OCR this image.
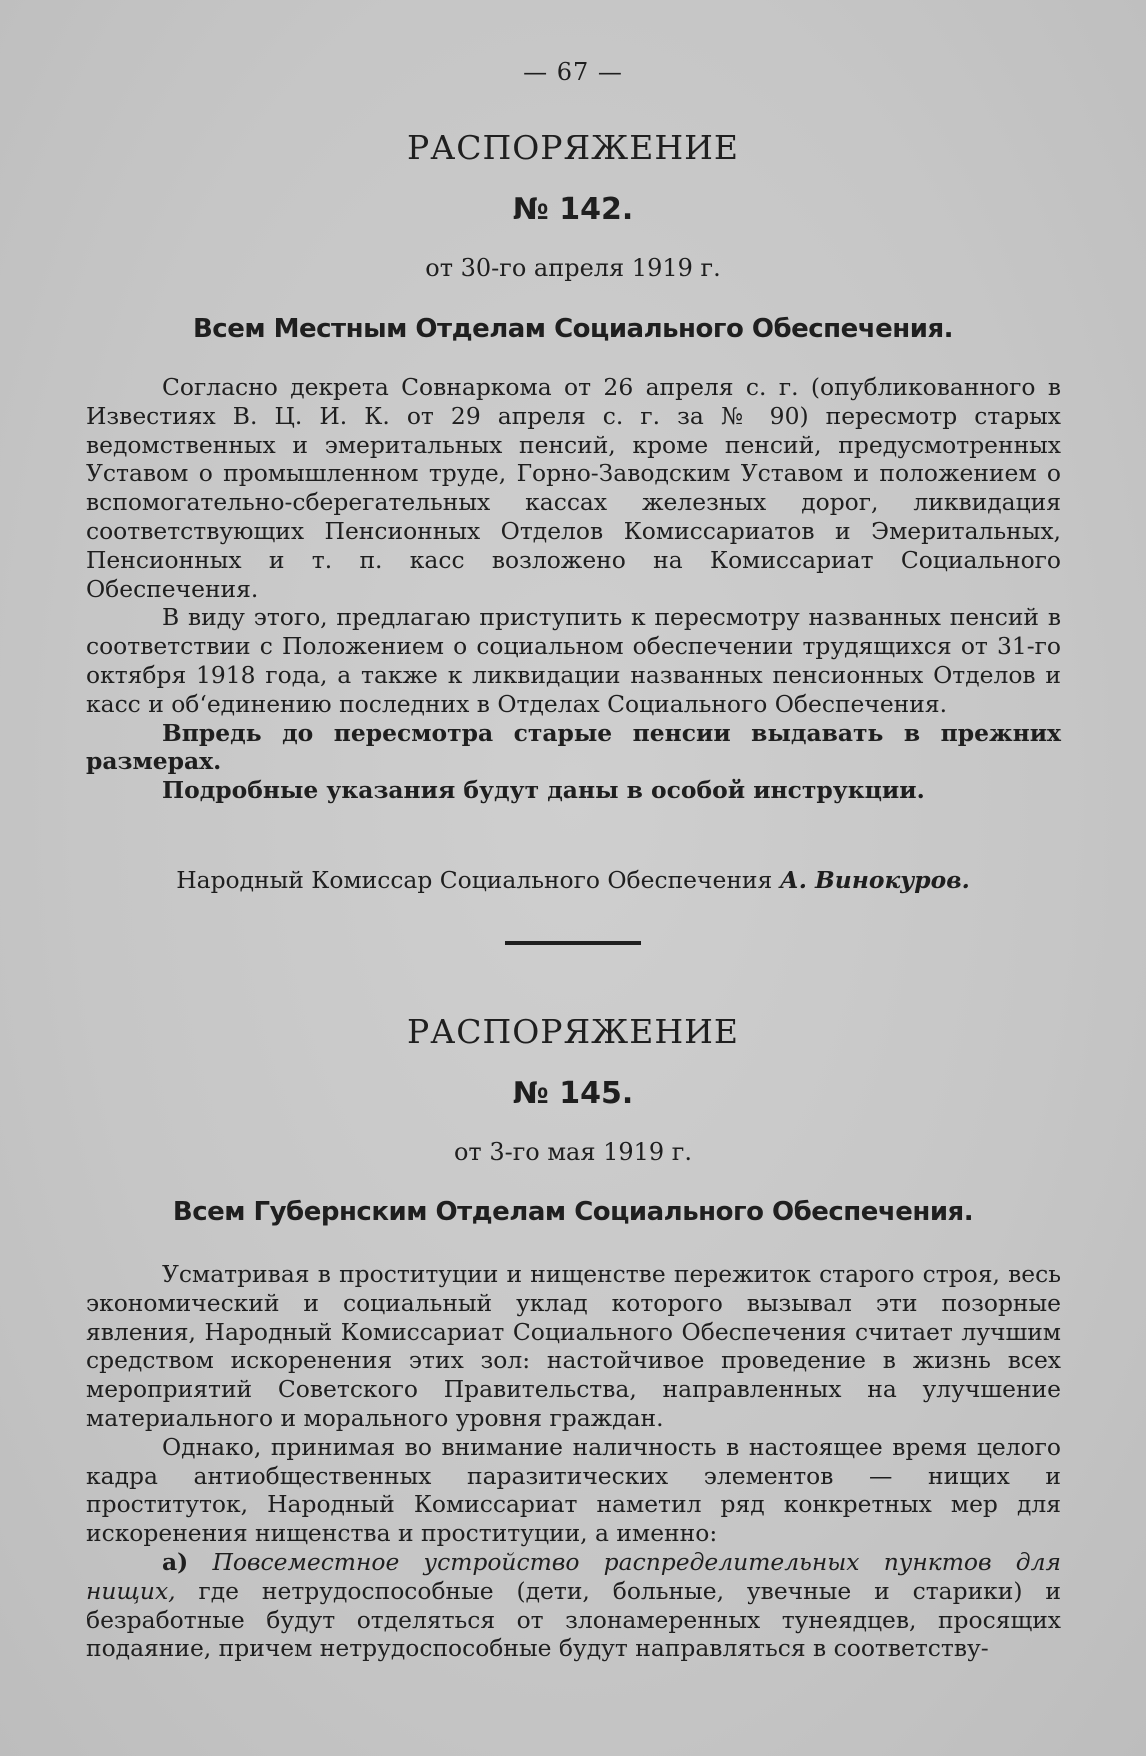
— 67 —
РАСПОРЯЖЕНИЕ
№ 142.
от 30-го апреля 1919 г.
Всем Местным Отделам Социального Обеспечения.

Согласно декрета Совнаркома от 26 апреля с. г. (опубликованного в Известиях В. Ц. И. К. от 29 апреля с. г. за № 90) пересмотр старых ведомственных и эмеритальных пенсий, кроме пенсий, предусмотренных Уставом о промышленном труде, Горно-Заводским Уставом и положением о вспомогательно-сберегательных кассах железных дорог, ликвидация соответствующих Пенсионных Отделов Комиссариатов и Эмеритальных, Пенсионных и т. п. касс возложено на Комиссариат Социального Обеспечения.

В виду этого, предлагаю приступить к пересмотру названных пенсий в соответствии с Положением о социальном обеспечении трудящихся от 31-го октября 1918 года, а также к ликвидации названных пенсионных Отделов и касс и об‘единению последних в Отделах Социального Обеспечения.

Впредь до пересмотра старые пенсии выдавать в прежних размерах.

Подробные указания будут даны в особой инструкции.

Народный Комиссар Социального Обеспечения А. Винокуров.
РАСПОРЯЖЕНИЕ
№ 145.
от 3-го мая 1919 г.
Всем Губернским Отделам Социального Обеспечения.

Усматривая в проституции и нищенстве пережиток старого строя, весь экономический и социальный уклад которого вызывал эти позорные явления, Народный Комиссариат Социального Обеспечения считает лучшим средством искоренения этих зол: настойчивое проведение в жизнь всех мероприятий Советского Правительства, направленных на улучшение материального и морального уровня граждан.

Однако, принимая во внимание наличность в настоящее время целого кадра антиобщественных паразитических элементов — нищих и проституток, Народный Комиссариат наметил ряд конкретных мер для искоренения нищенства и проституции, а именно:

а) Повсеместное устройство распределительных пунктов для нищих, где нетрудоспособные (дети, больные, увечные и старики) и безработные будут отделяться от злонамеренных тунеядцев, просящих подаяние, причем нетрудоспособные будут направляться в соответству-
